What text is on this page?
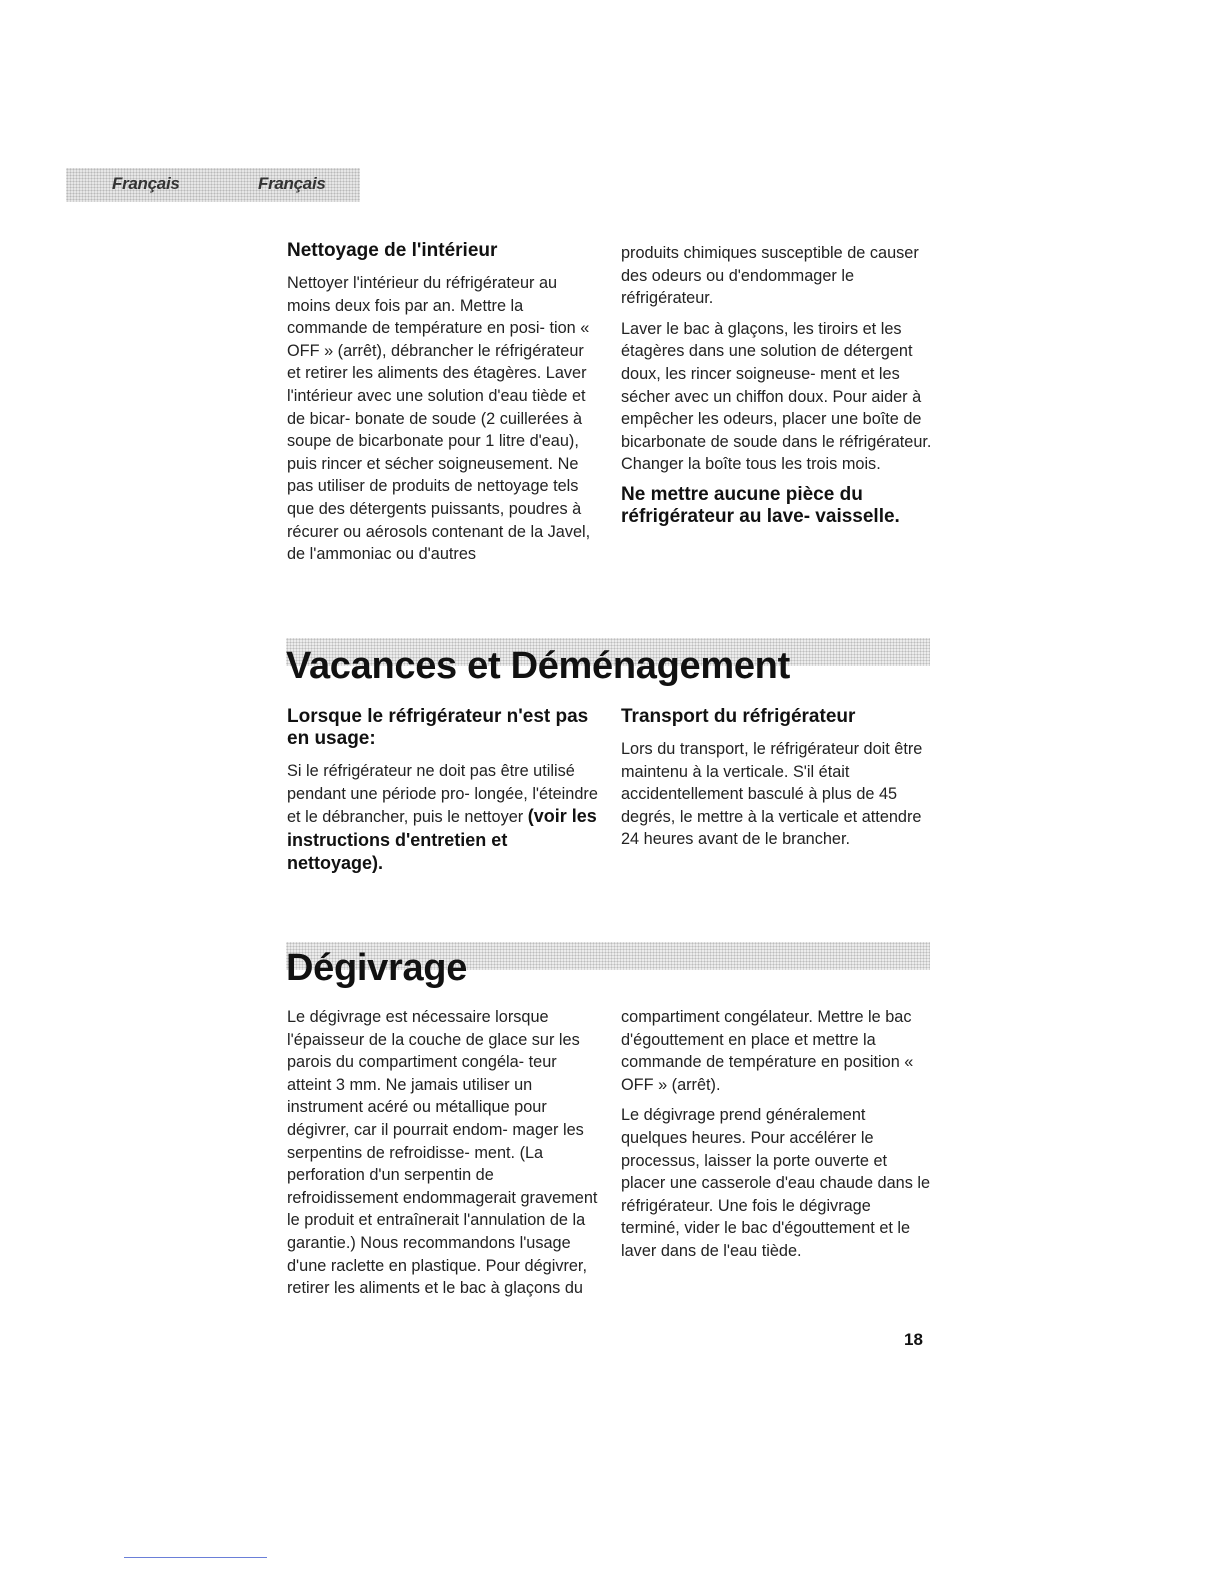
Français	Français
Nettoyage de l'intérieur

Nettoyer l'intérieur du réfrigérateur au moins deux fois par an. Mettre la commande de température en posi- tion « OFF » (arrêt), débrancher le réfrigérateur et retirer les aliments des étagères. Laver l'intérieur avec une solution d'eau tiède et de bicar- bonate de soude (2 cuillerées à soupe de bicarbonate pour 1 litre d'eau), puis rincer et sécher soigneusement. Ne pas utiliser de produits de nettoyage tels que des détergents puissants, poudres à récurer ou aérosols contenant de la Javel, de l'ammoniac ou d'autres

produits chimiques susceptible de causer des odeurs ou d'endommager le réfrigérateur.

Laver le bac à glaçons, les tiroirs et les étagères dans une solution de détergent doux, les rincer soigneuse- ment et les sécher avec un chiffon doux. Pour aider à empêcher les odeurs, placer une boîte de bicarbonate de soude dans le réfrigérateur. Changer la boîte tous les trois mois.

Ne mettre aucune pièce du réfrigérateur au lave- vaisselle.
Vacances et Déménagement
Lorsque le réfrigérateur n'est pas en usage:

Si le réfrigérateur ne doit pas être utilisé pendant une période pro- longée, l'éteindre et le débrancher, puis le nettoyer (voir les instructions d'entretien et nettoyage).

Transport du réfrigérateur

Lors du transport, le réfrigérateur doit être maintenu à la verticale. S'il était accidentellement basculé à plus de 45 degrés, le mettre à la verticale et attendre 24 heures avant de le brancher.

Dégivrage

Le dégivrage est nécessaire lorsque l'épaisseur de la couche de glace sur les parois du compartiment congéla- teur atteint 3 mm. Ne jamais utiliser un instrument acéré ou métallique pour dégivrer, car il pourrait endom- mager les serpentins de refroidisse- ment. (La perforation d'un serpentin de refroidissement endommagerait gravement le produit et entraînerait l'annulation de la garantie.) Nous recommandons l'usage d'une raclette en plastique. Pour dégivrer, retirer les aliments et le bac à glaçons du

compartiment congélateur. Mettre le bac d'égouttement en place et mettre la commande de température en position « OFF » (arrêt).

Le dégivrage prend généralement quelques heures. Pour accélérer le processus, laisser la porte ouverte et placer une casserole d'eau chaude dans le réfrigérateur. Une fois le dégivrage terminé, vider le bac d'égouttement et le laver dans de l'eau tiède.

18
